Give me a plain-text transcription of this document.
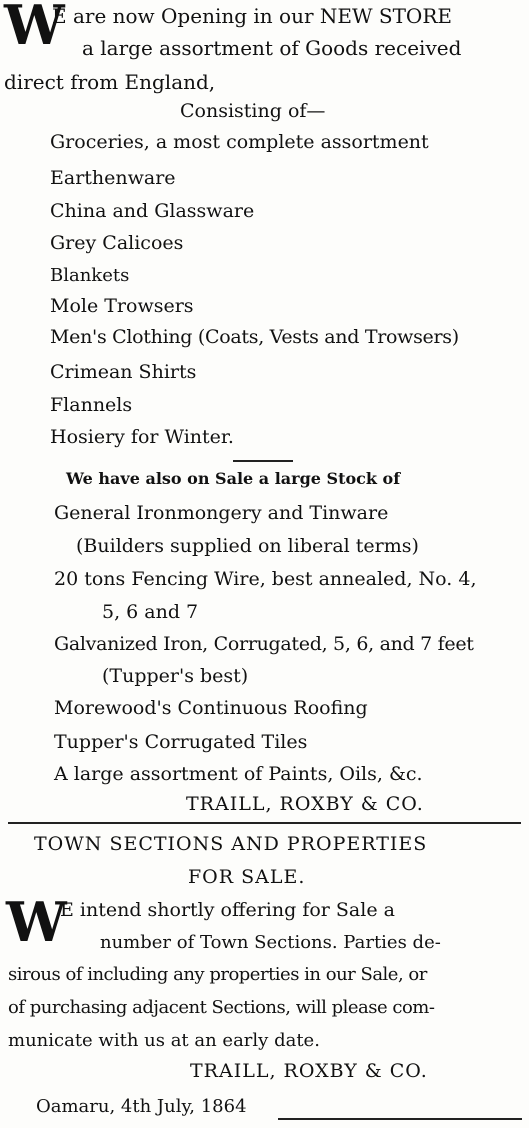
W
E are now Opening in our NEW STORE
a large assortment of Goods received
direct from England,
Consisting of—
Groceries, a most complete assortment
Earthenware
China and Glassware
Grey Calicoes
Blankets
Mole Trowsers
Men's Clothing (Coats, Vests and Trowsers)
Crimean Shirts
Flannels
Hosiery for Winter.
We have also on Sale a large Stock of
General Ironmongery and Tinware
(Builders supplied on liberal terms)
20 tons Fencing Wire, best annealed, No. 4,
5, 6 and 7
Galvanized Iron, Corrugated, 5, 6, and 7 feet
(Tupper's best)
Morewood's Continuous Roofing
Tupper's Corrugated Tiles
A large assortment of Paints, Oils, &c.
TRAILL, ROXBY & CO.
TOWN SECTIONS AND PROPERTIES
FOR SALE.
W
E intend shortly offering for Sale a
number of Town Sections. Parties de-
sirous of including any properties in our Sale, or
of purchasing adjacent Sections, will please com-
municate with us at an early date.
TRAILL, ROXBY & CO.
Oamaru, 4th July, 1864
